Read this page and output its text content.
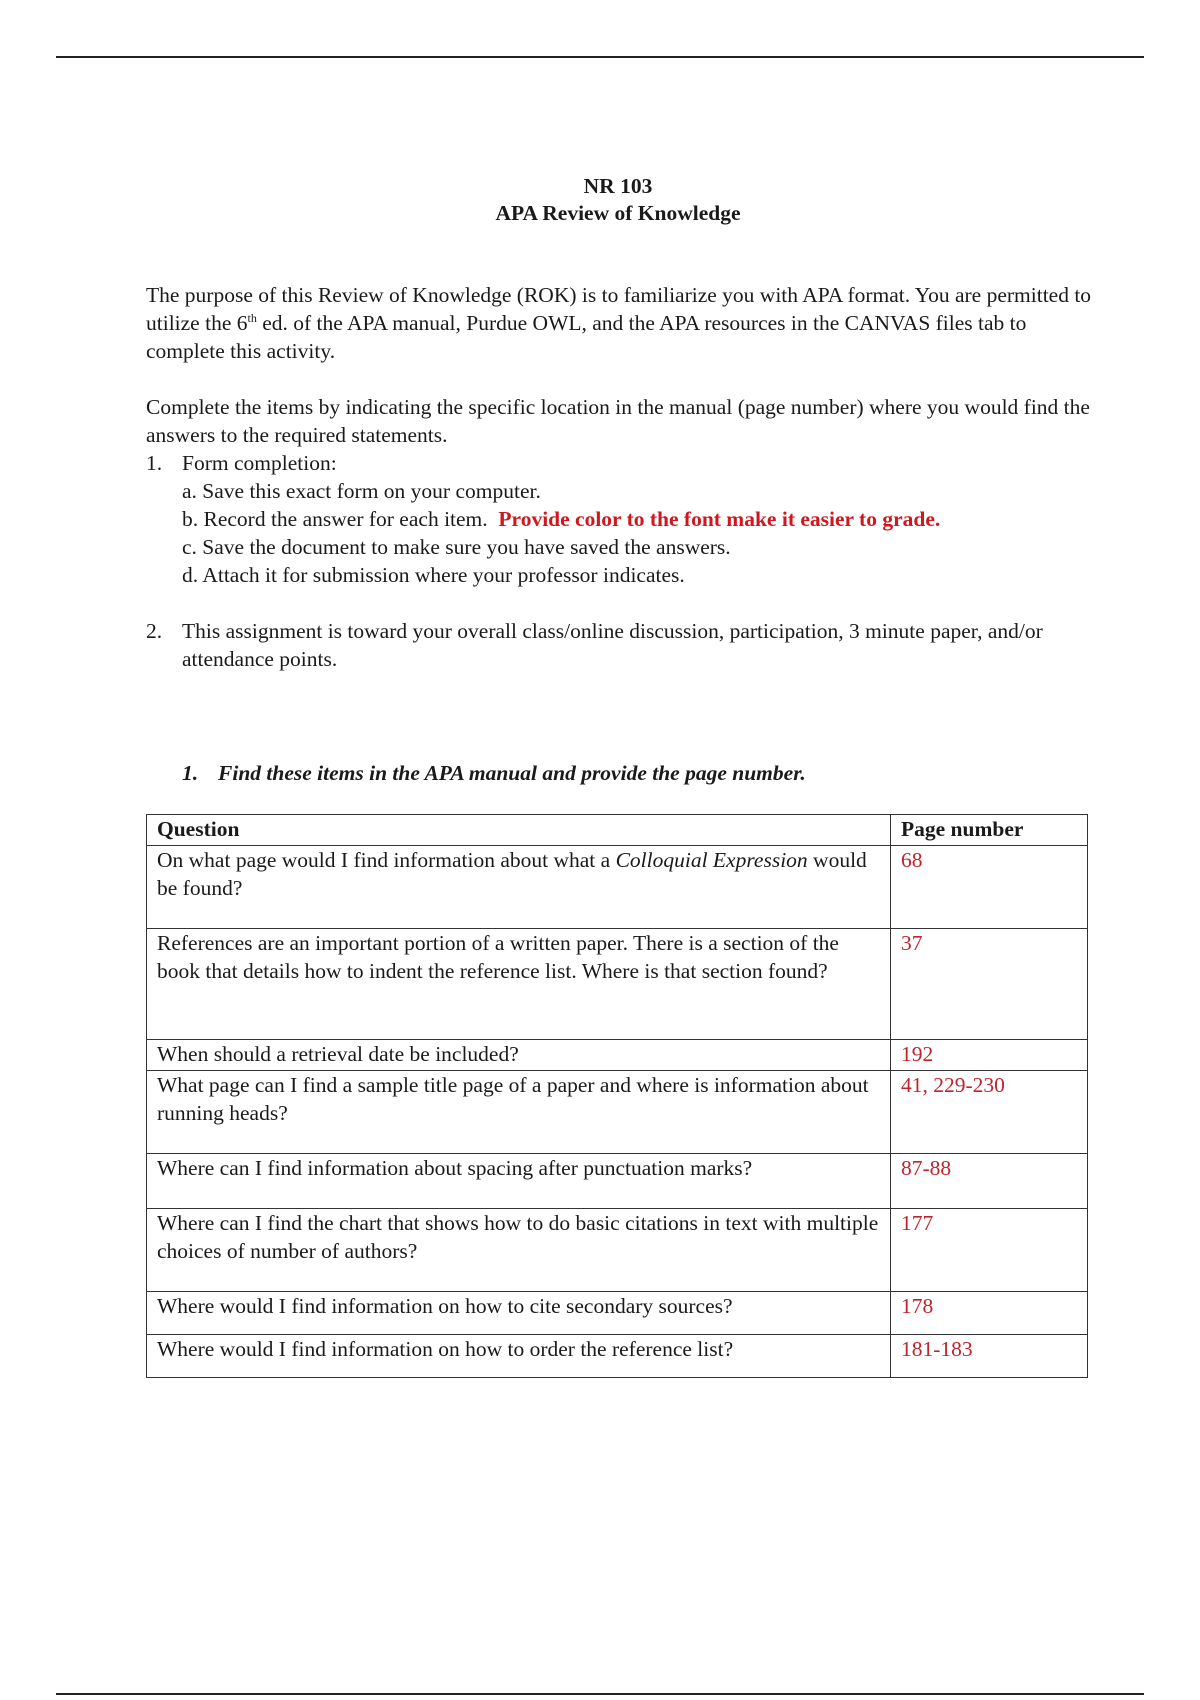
NR 103
APA Review of Knowledge

The purpose of this Review of Knowledge (ROK) is to familiarize you with APA format. You are permitted to utilize the 6th ed. of the APA manual, Purdue OWL, and the APA resources in the CANVAS files tab to complete this activity.

Complete the items by indicating the specific location in the manual (page number) where you would find the answers to the required statements.

1. Form completion:
a. Save this exact form on your computer.
b. Record the answer for each item. Provide color to the font make it easier to grade.
c. Save the document to make sure you have saved the answers.
d. Attach it for submission where your professor indicates.
2. This assignment is toward your overall class/online discussion, participation, 3 minute paper, and/or attendance points.
1. Find these items in the APA manual and provide the page number.
Question	Page number
On what page would I find information about what a Colloquial Expression would be found?	68
References are an important portion of a written paper. There is a section of the book that details how to indent the reference list. Where is that section found?	37
When should a retrieval date be included?	192
What page can I find a sample title page of a paper and where is information about running heads?	41, 229-230
Where can I find information about spacing after punctuation marks?	87-88
Where can I find the chart that shows how to do basic citations in text with multiple choices of number of authors?	177
Where would I find information on how to cite secondary sources?	178
Where would I find information on how to order the reference list?	181-183
